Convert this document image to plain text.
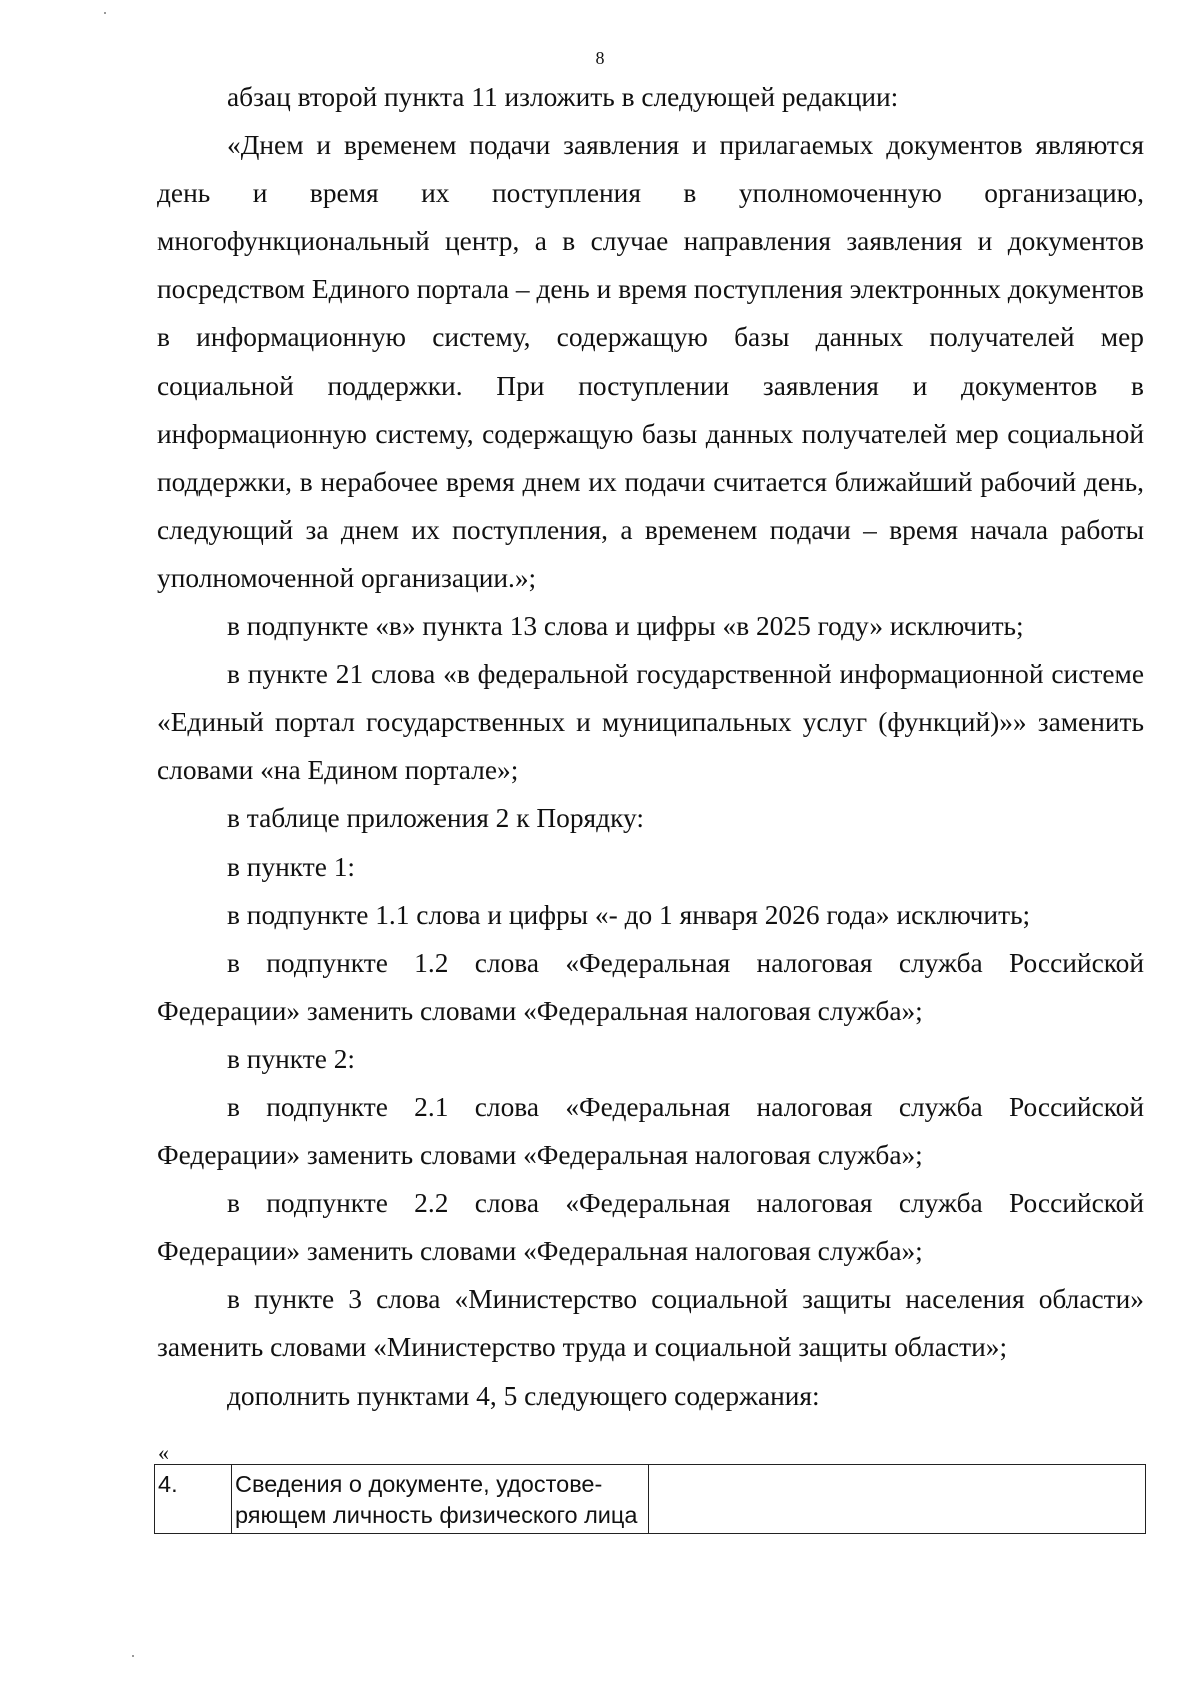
8

абзац второй пункта 11 изложить в следующей редакции:

«Днем и временем подачи заявления и прилагаемых документов являются день и время их поступления в уполномоченную организацию, многофункциональный центр, а в случае направления заявления и документов посредством Единого портала – день и время поступления электронных документов в информационную систему, содержащую базы данных получателей мер социальной поддержки. При поступлении заявления и документов в информационную систему, содержащую базы данных получателей мер социальной поддержки, в нерабочее время днем их подачи считается ближайший рабочий день, следующий за днем их поступления, а временем подачи – время начала работы уполномоченной организации.»;

в подпункте «в» пункта 13 слова и цифры «в 2025 году» исключить;

в пункте 21 слова «в федеральной государственной информационной системе «Единый портал государственных и муниципальных услуг (функций)»» заменить словами «на Едином портале»;

в таблице приложения 2 к Порядку:

в пункте 1:

в подпункте 1.1 слова и цифры «- до 1 января 2026 года» исключить;

в подпункте 1.2 слова «Федеральная налоговая служба Российской Федерации» заменить словами «Федеральная налоговая служба»;

в пункте 2:

в подпункте 2.1 слова «Федеральная налоговая служба Российской Федерации» заменить словами «Федеральная налоговая служба»;

в подпункте 2.2 слова «Федеральная налоговая служба Российской Федерации» заменить словами «Федеральная налоговая служба»;

в пункте 3 слова «Министерство социальной защиты населения области» заменить словами «Министерство труда и социальной защиты области»;

дополнить пунктами 4, 5 следующего содержания:

«
4.	Сведения о документе, удостоверяющем личность физического лица	
